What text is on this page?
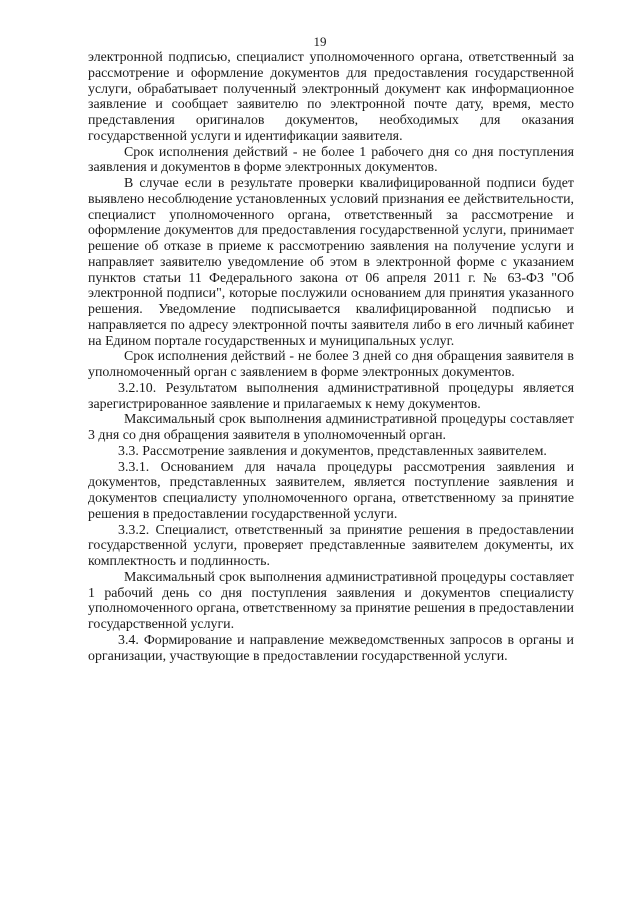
19

электронной подписью, специалист уполномоченного органа, ответственный за рассмотрение и оформление документов для предоставления государственной услуги, обрабатывает полученный электронный документ как информационное заявление и сообщает заявителю по электронной почте дату, время, место представления оригиналов документов, необходимых для оказания государственной услуги и идентификации заявителя.

Срок исполнения действий - не более 1 рабочего дня со дня поступления заявления и документов в форме электронных документов.

В случае если в результате проверки квалифицированной подписи будет выявлено несоблюдение установленных условий признания ее действительности, специалист уполномоченного органа, ответственный за рассмотрение и оформление документов для предоставления государственной услуги, принимает решение об отказе в приеме к рассмотрению заявления на получение услуги и направляет заявителю уведомление об этом в электронной форме с указанием пунктов статьи 11 Федерального закона от 06 апреля 2011 г. № 63-ФЗ "Об электронной подписи", которые послужили основанием для принятия указанного решения. Уведомление подписывается квалифицированной подписью и направляется по адресу электронной почты заявителя либо в его личный кабинет на Едином портале государственных и муниципальных услуг.

Срок исполнения действий - не более 3 дней со дня обращения заявителя в уполномоченный орган с заявлением в форме электронных документов.

3.2.10. Результатом выполнения административной процедуры является зарегистрированное заявление и прилагаемых к нему документов.

Максимальный срок выполнения административной процедуры составляет 3 дня со дня обращения заявителя в уполномоченный орган.

3.3. Рассмотрение заявления и документов, представленных заявителем.

3.3.1. Основанием для начала процедуры рассмотрения заявления и документов, представленных заявителем, является поступление заявления и документов специалисту уполномоченного органа, ответственному за принятие решения в предоставлении государственной услуги.

3.3.2. Специалист, ответственный за принятие решения в предоставлении государственной услуги, проверяет представленные заявителем документы, их комплектность и подлинность.

Максимальный срок выполнения административной процедуры составляет 1 рабочий день со дня поступления заявления и документов специалисту уполномоченного органа, ответственному за принятие решения в предоставлении государственной услуги.

3.4. Формирование и направление межведомственных запросов в органы и организации, участвующие в предоставлении государственной услуги.
